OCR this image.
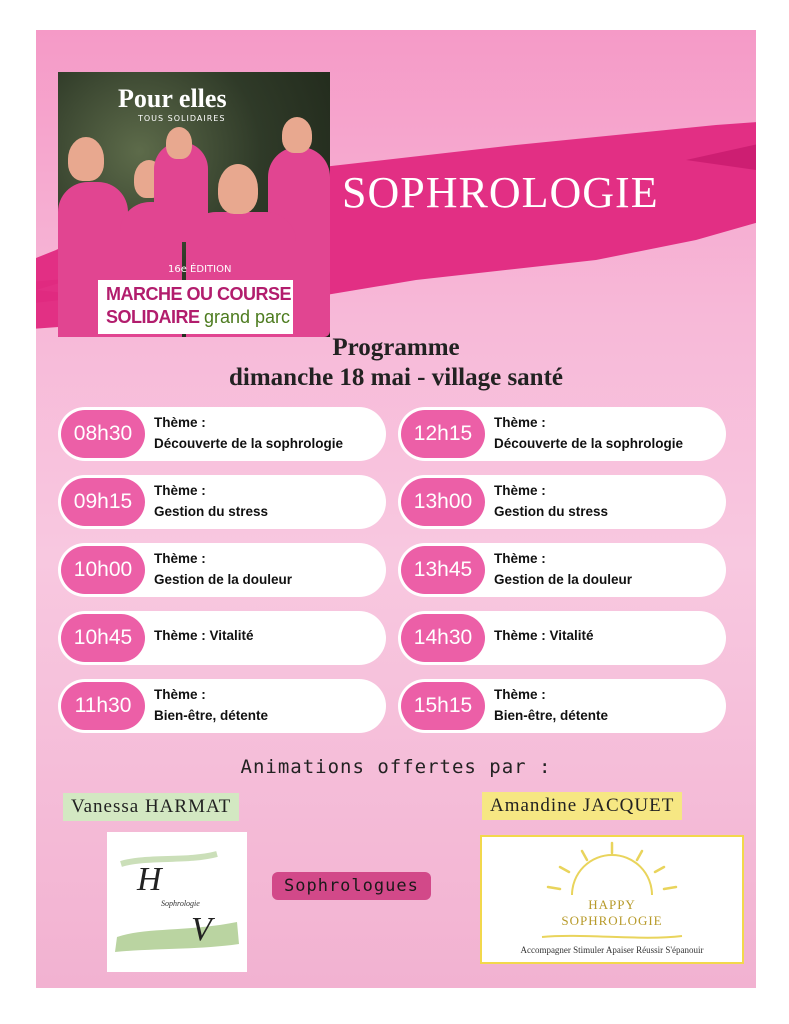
Pour elles
TOUS SOLIDAIRES
16e ÉDITION
MARCHE OU COURSE
SOLIDAIRE grand parc
SOPHROLOGIE
Programme
dimanche 18 mai - village santé
08h30	Thème :
Découverte de la sophrologie
09h15	Thème :
Gestion du stress
10h00	Thème :
Gestion de la douleur
10h45	Thème : Vitalité
11h30	Thème :
Bien-être, détente
12h15	Thème :
Découverte de la sophrologie
13h00	Thème :
Gestion du stress
13h45	Thème :
Gestion de la douleur
14h30	Thème : Vitalité
15h15	Thème :
Bien-être, détente
Animations offertes par :
Vanessa HARMAT	Amandine JACQUET
H
Sophrologie
V
Sophrologues
HAPPY
SOPHROLOGIE
Accompagner Stimuler Apaiser Réussir S'épanouir
